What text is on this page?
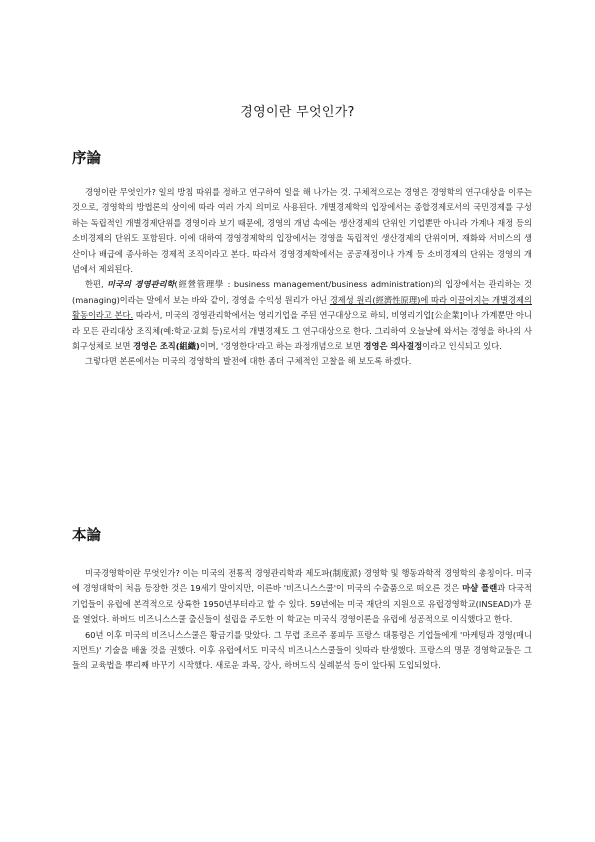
경영이란 무엇인가?
序論

경영이란 무엇인가? 일의 방침 따위를 정하고 연구하여 일을 해 나가는 것. 구체적으로는 경영은 경영학의 연구대상을 이루는 것으로, 경영학의 방법론의 상이에 따라 여러 가지 의미로 사용된다. 개별경제학의 입장에서는 종합경제로서의 국민경제를 구성하는 독립적인 개별경제단위를 경영이라 보기 때문에, 경영의 개념 속에는 생산경제의 단위인 기업뿐만 아니라 가계나 재정 등의 소비경제의 단위도 포함된다. 이에 대하여 경영경제학의 입장에서는 경영을 독립적인 생산경제의 단위이며, 재화와 서비스의 생산이나 배급에 종사하는 경제적 조직이라고 본다. 따라서 경영경제학에서는 공공재정이나 가계 등 소비경제의 단위는 경영의 개념에서 제외된다.

한편, 미국의 경영관리학(經營管理學 : business management/business administration)의 입장에서는 관리하는 것(managing)이라는 말에서 보는 바와 같이, 경영을 수익성 원리가 아닌 경제성 원리(經濟性原理)에 따라 이끌어지는 개별경제의 활동이라고 본다. 따라서, 미국의 경영관리학에서는 영리기업을 주된 연구대상으로 하되, 비영리기업[公企業]이나 가계뿐만 아니라 모든 관리대상 조직체(예:학교·교회 등)로서의 개별경제도 그 연구대상으로 한다. 그리하여 오늘날에 와서는 경영을 하나의 사회구성체로 보면 경영은 조직(組織)이며, '경영한다'라고 하는 과정개념으로 보면 경영은 의사결정이라고 인식되고 있다.

그렇다면 본론에서는 미국의 경영학의 발전에 대한 좀더 구체적인 고찰을 해 보도록 하겠다.

本論

미국경영학이란 무엇인가? 이는 미국의 전통적 경영관리학과 제도파(制度派) 경영학 및 행동과학적 경영학의 총칭이다. 미국에 경영대학이 처음 등장한 것은 19세기 말이지만, 이른바 '비즈니스스쿨'이 미국의 수출품으로 떠오른 것은 마샬 플랜과 다국적기업들이 유럽에 본격적으로 상륙한 1950년부터라고 할 수 있다. 59년에는 미국 재단의 지원으로 유럽경영학교(INSEAD)가 문을 열었다. 하버드 비즈니스스쿨 출신들이 설립을 주도한 이 학교는 미국식 경영이론을 유럽에 성공적으로 이식했다고 한다.

60년 이후 미국의 비즈니스스쿨은 황금기를 맞았다. 그 무렵 조르주 퐁피두 프랑스 대통령은 기업들에게 '마케팅과 경영(매니지먼트)' 기술을 배울 것을 권했다. 이후 유럽에서도 미국식 비즈니스스쿨들이 잇따라 탄생했다. 프랑스의 명문 경영학교들은 그들의 교육법을 뿌리째 바꾸기 시작했다. 새로운 과목, 강사, 하버드식 실례분석 등이 앞다퉈 도입되었다.
